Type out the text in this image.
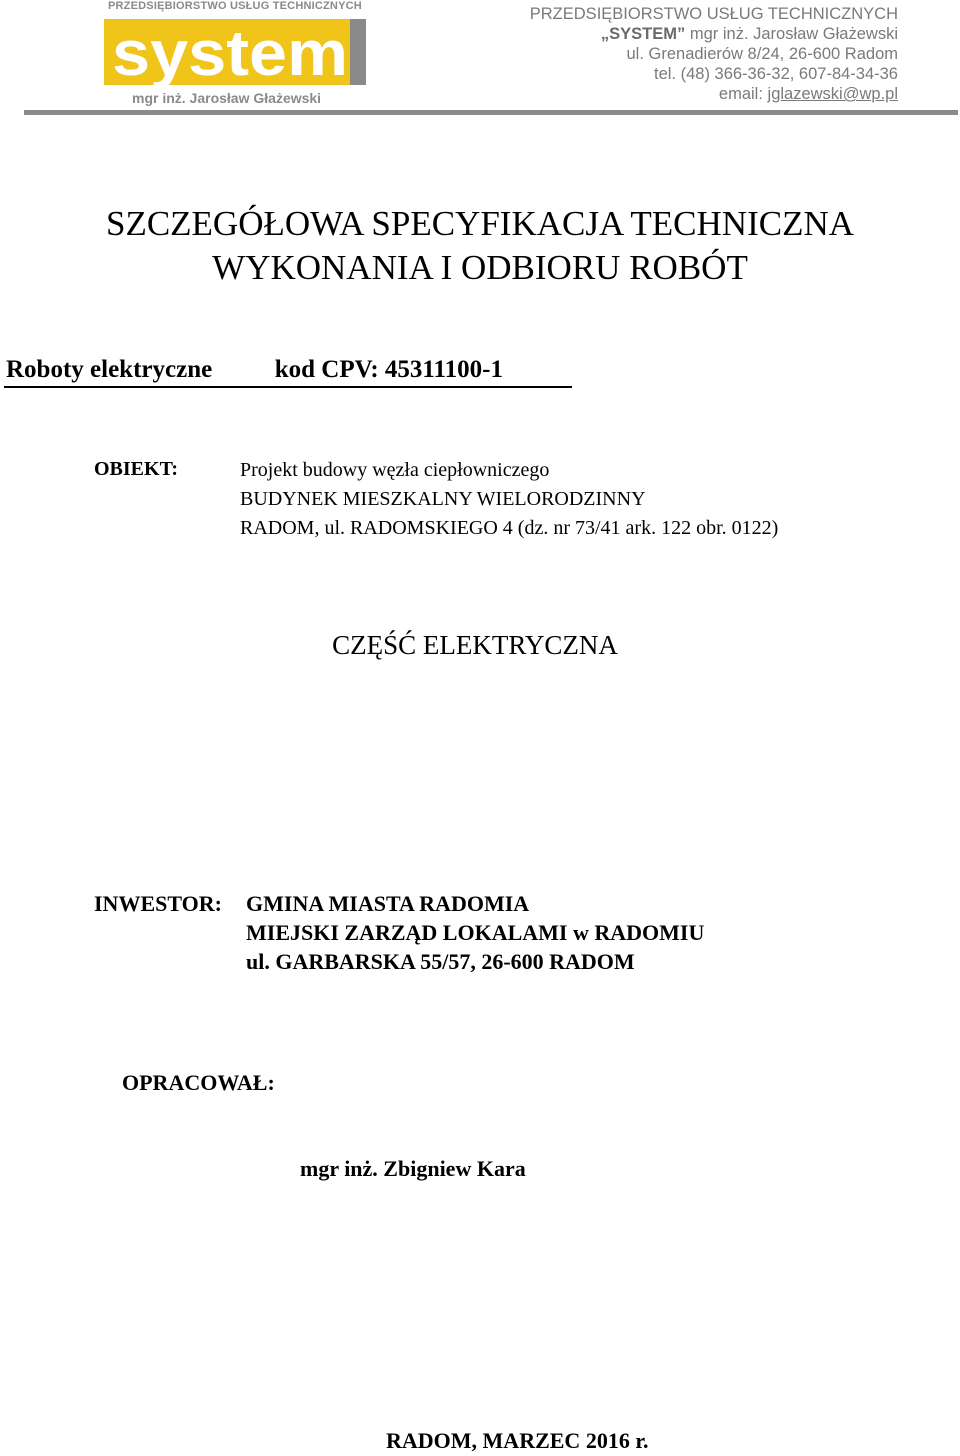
PRZEDSIĘBIORSTWO USŁUG TECHNICZNYCH
system
mgr inż. Jarosław Głażewski
PRZEDSIĘBIORSTWO USŁUG TECHNICZNYCH
„SYSTEM” mgr inż. Jarosław Głażewski
ul. Grenadierów 8/24, 26-600 Radom
tel. (48) 366-36-32, 607-84-34-36
email: jglazewski@wp.pl
SZCZEGÓŁOWA SPECYFIKACJA TECHNICZNA
WYKONANIA I ODBIORU ROBÓT
Roboty elektryczne	kod CPV: 45311100-1
OBIEKT:	Projekt budowy węzła ciepłowniczego
BUDYNEK MIESZKALNY WIELORODZINNY
RADOM, ul. RADOMSKIEGO 4 (dz. nr 73/41 ark. 122 obr. 0122)
CZĘŚĆ ELEKTRYCZNA
INWESTOR: GMINA MIASTA RADOMIA
MIEJSKI ZARZĄD LOKALAMI w RADOMIU
ul. GARBARSKA 55/57, 26-600 RADOM
OPRACOWAŁ:
mgr inż. Zbigniew Kara
RADOM, MARZEC 2016 r.
